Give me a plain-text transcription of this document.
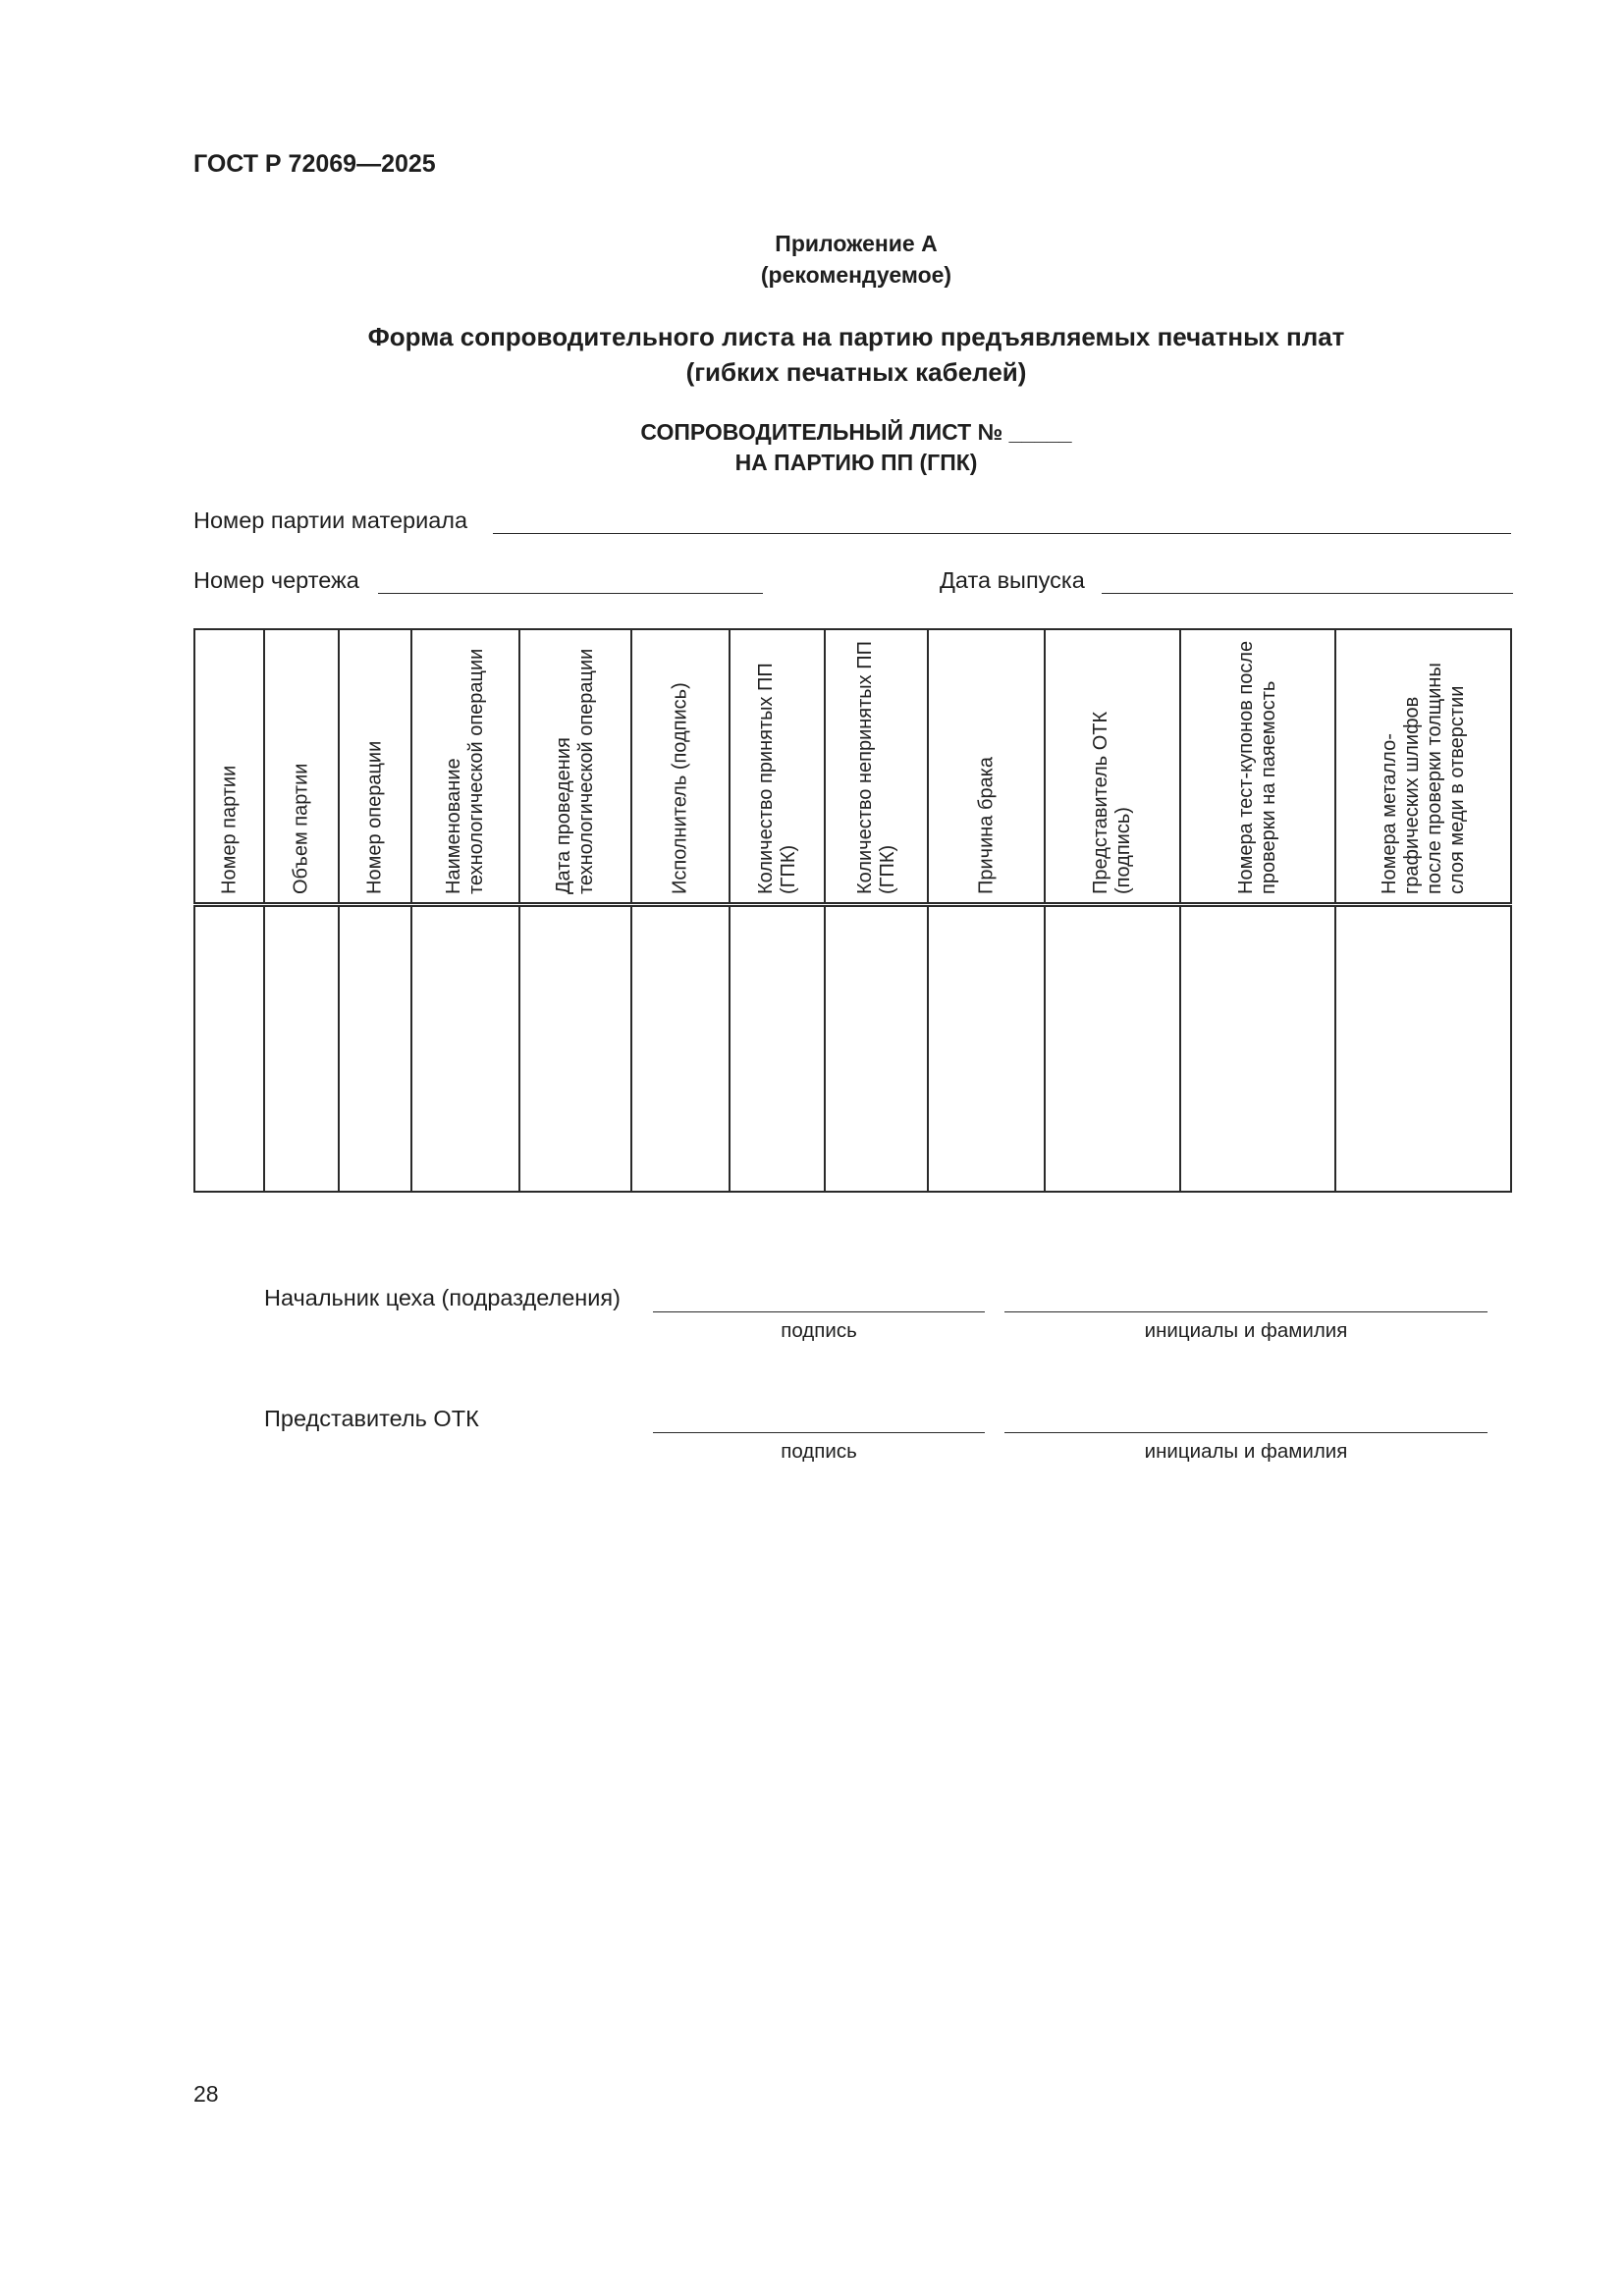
ГОСТ Р 72069—2025
Приложение А
(рекомендуемое)
Форма сопроводительного листа на партию предъявляемых печатных плат
(гибких печатных кабелей)
СОПРОВОДИТЕЛЬНЫЙ ЛИСТ № _____
НА ПАРТИЮ ПП (ГПК)
Номер партии материала
Номер чертежа	Дата выпуска
Номер партии	Объем партии	Номер операции	Наименование технологической операции	Дата проведения технологической операции	Исполнитель (подпись)	Количество принятых ПП (ГПК)	Количество непринятых ПП (ГПК)	Причина брака	Представитель ОТК (подпись)	Номера тест-купонов после проверки на паяемость	Номера металло-графических шлифов после проверки толщины слоя меди в отверстии

Начальник цеха (подразделения)
подпись	инициалы и фамилия
Представитель ОТК
подпись	инициалы и фамилия
28
